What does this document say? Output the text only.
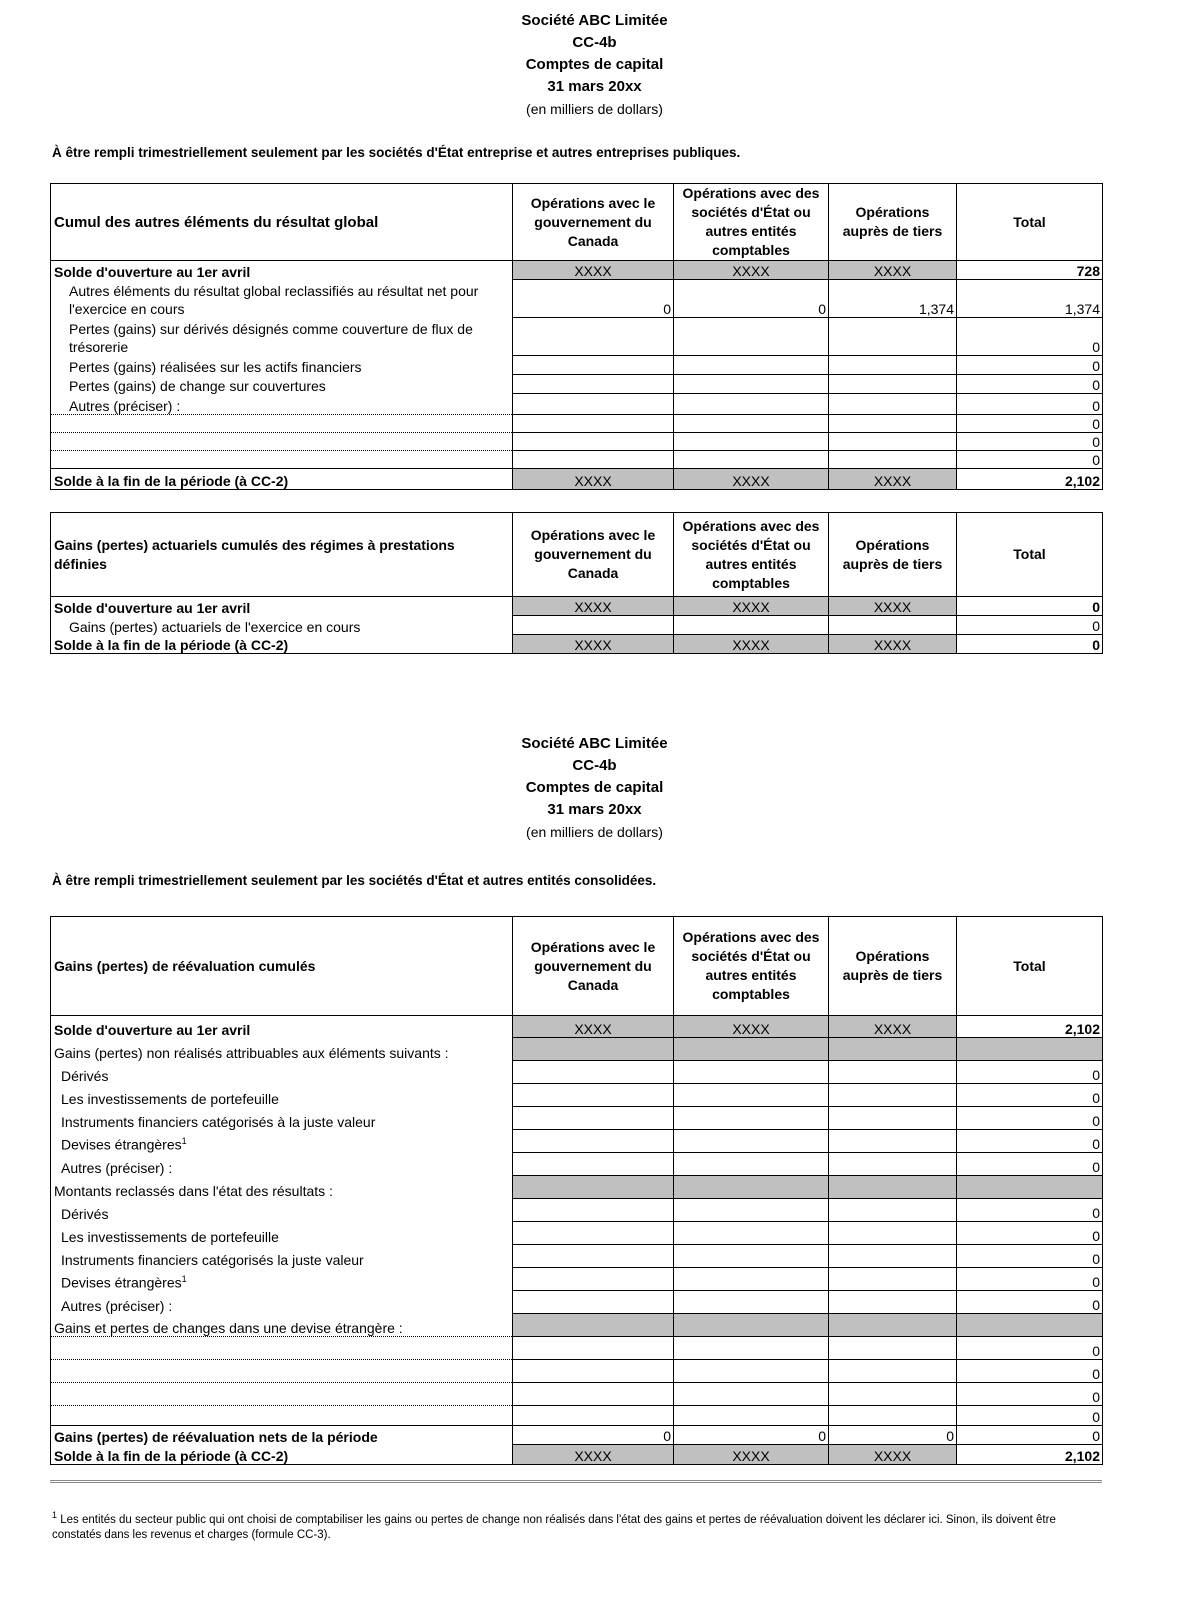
Société ABC Limitée
CC-4b
Comptes de capital
31 mars 20xx
(en milliers de dollars)
À être rempli trimestriellement seulement par les sociétés d'État entreprise et autres entreprises publiques.
Cumul des autres éléments du résultat global	Opérations avec le gouvernement du Canada	Opérations avec des sociétés d'État ou autres entités comptables	Opérations auprès de tiers	Total
Solde d'ouverture au 1er avril	XXXX	XXXX	XXXX	728
Autres éléments du résultat global reclassifiés au résultat net pour l'exercice en cours	0	0	1,374	1,374
Pertes (gains) sur dérivés désignés comme couverture de flux de trésorerie				0
Pertes (gains) réalisées sur les actifs financiers				0
Pertes (gains) de change sur couvertures				0
Autres (préciser) :				0
				0
				0
				0
Solde à la fin de la période (à CC-2)	XXXX	XXXX	XXXX	2,102
Gains (pertes) actuariels cumulés des régimes à prestations définies	Opérations avec le gouvernement du Canada	Opérations avec des sociétés d'État ou autres entités comptables	Opérations auprès de tiers	Total
Solde d'ouverture au 1er avril	XXXX	XXXX	XXXX	0
Gains (pertes) actuariels de l'exercice en cours				0
Solde à la fin de la période (à CC-2)	XXXX	XXXX	XXXX	0
Société ABC Limitée
CC-4b
Comptes de capital
31 mars 20xx
(en milliers de dollars)
À être rempli trimestriellement seulement par les sociétés d'État et autres entités consolidées.
Gains (pertes) de réévaluation cumulés	Opérations avec le gouvernement du Canada	Opérations avec des sociétés d'État ou autres entités comptables	Opérations auprès de tiers	Total
Solde d'ouverture au 1er avril	XXXX	XXXX	XXXX	2,102
Gains (pertes) non réalisés attribuables aux éléments suivants :				
Dérivés				0
Les investissements de portefeuille				0
Instruments financiers catégorisés à la juste valeur				0
Devises étrangères$^1$				0
Autres (préciser) :				0
Montants reclassés dans l'état des résultats :				
Dérivés				0
Les investissements de portefeuille				0
Instruments financiers catégorisés la juste valeur				0
Devises étrangères$^1$				0
Autres (préciser) :				0
Gains et pertes de changes dans une devise étrangère :				
				0
				0
				0
				0
Gains (pertes) de réévaluation nets de la période	0	0	0	0
Solde à la fin de la période (à CC-2)	XXXX	XXXX	XXXX	2,102
$^1$ Les entités du secteur public qui ont choisi de comptabiliser les gains ou pertes de change non réalisés dans l'état des gains et pertes de réévaluation doivent les déclarer ici. Sinon, ils doivent être constatés dans les revenus et charges (formule CC-3).
